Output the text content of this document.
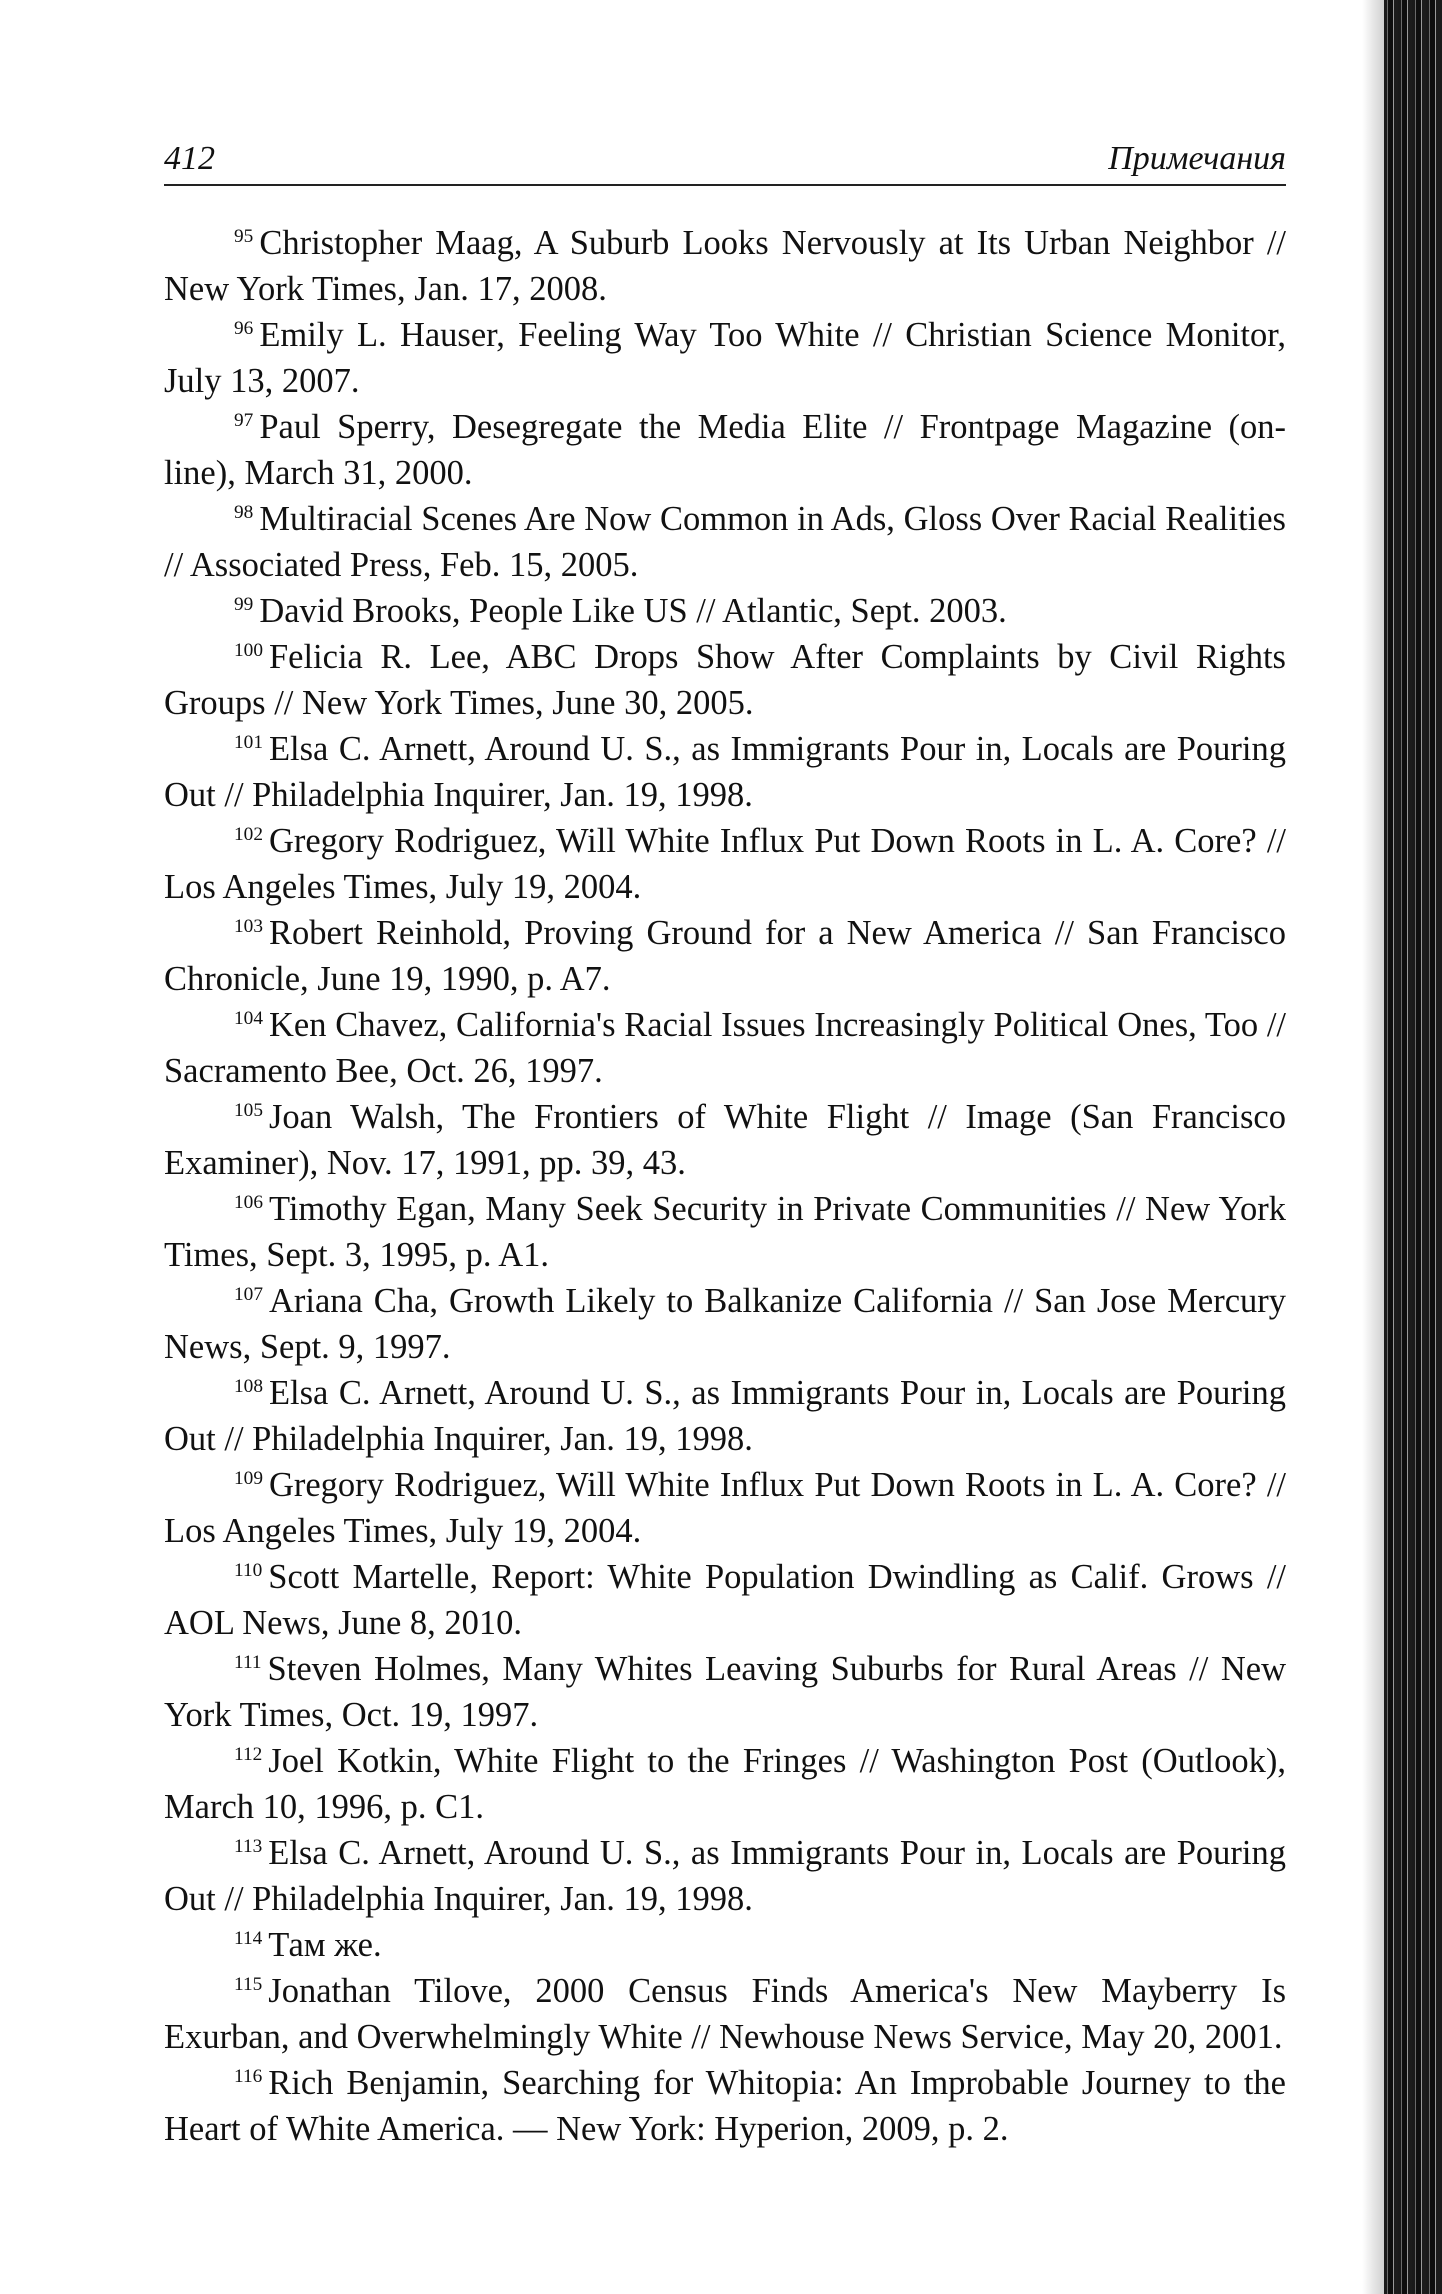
412	Примечания

$^{95}$ Christopher Maag, A Suburb Looks Nervously at Its Urban Neighbor // New York Times, Jan. 17, 2008.

$^{96}$ Emily L. Hauser, Feeling Way Too White // Christian Science Monitor, July 13, 2007.

$^{97}$ Paul Sperry, Desegregate the Media Elite // Frontpage Magazine (on-line), March 31, 2000.

$^{98}$ Multiracial Scenes Are Now Common in Ads, Gloss Over Racial Realities // Associated Press, Feb. 15, 2005.

$^{99}$ David Brooks, People Like US // Atlantic, Sept. 2003.

$^{100}$ Felicia R. Lee, ABC Drops Show After Complaints by Civil Rights Groups // New York Times, June 30, 2005.

$^{101}$ Elsa C. Arnett, Around U. S., as Immigrants Pour in, Locals are Pouring Out // Philadelphia Inquirer, Jan. 19, 1998.

$^{102}$ Gregory Rodriguez, Will White Influx Put Down Roots in L. A. Core? // Los Angeles Times, July 19, 2004.

$^{103}$ Robert Reinhold, Proving Ground for a New America // San Francisco Chronicle, June 19, 1990, p. A7.

$^{104}$ Ken Chavez, California's Racial Issues Increasingly Political Ones, Too // Sacramento Bee, Oct. 26, 1997.

$^{105}$ Joan Walsh, The Frontiers of White Flight // Image (San Francisco Examiner), Nov. 17, 1991, pp. 39, 43.

$^{106}$ Timothy Egan, Many Seek Security in Private Communities // New York Times, Sept. 3, 1995, p. A1.

$^{107}$ Ariana Cha, Growth Likely to Balkanize California // San Jose Mercury News, Sept. 9, 1997.

$^{108}$ Elsa C. Arnett, Around U. S., as Immigrants Pour in, Locals are Pouring Out // Philadelphia Inquirer, Jan. 19, 1998.

$^{109}$ Gregory Rodriguez, Will White Influx Put Down Roots in L. A. Core? // Los Angeles Times, July 19, 2004.

$^{110}$ Scott Martelle, Report: White Population Dwindling as Calif. Grows // AOL News, June 8, 2010.

$^{111}$ Steven Holmes, Many Whites Leaving Suburbs for Rural Areas // New York Times, Oct. 19, 1997.

$^{112}$ Joel Kotkin, White Flight to the Fringes // Washington Post (Outlook), March 10, 1996, p. C1.

$^{113}$ Elsa C. Arnett, Around U. S., as Immigrants Pour in, Locals are Pouring Out // Philadelphia Inquirer, Jan. 19, 1998.

$^{114}$ Там же.

$^{115}$ Jonathan Tilove, 2000 Census Finds America's New Mayberry Is Exurban, and Overwhelmingly White // Newhouse News Service, May 20, 2001.

$^{116}$ Rich Benjamin, Searching for Whitopia: An Improbable Journey to the Heart of White America. — New York: Hyperion, 2009, p. 2.
